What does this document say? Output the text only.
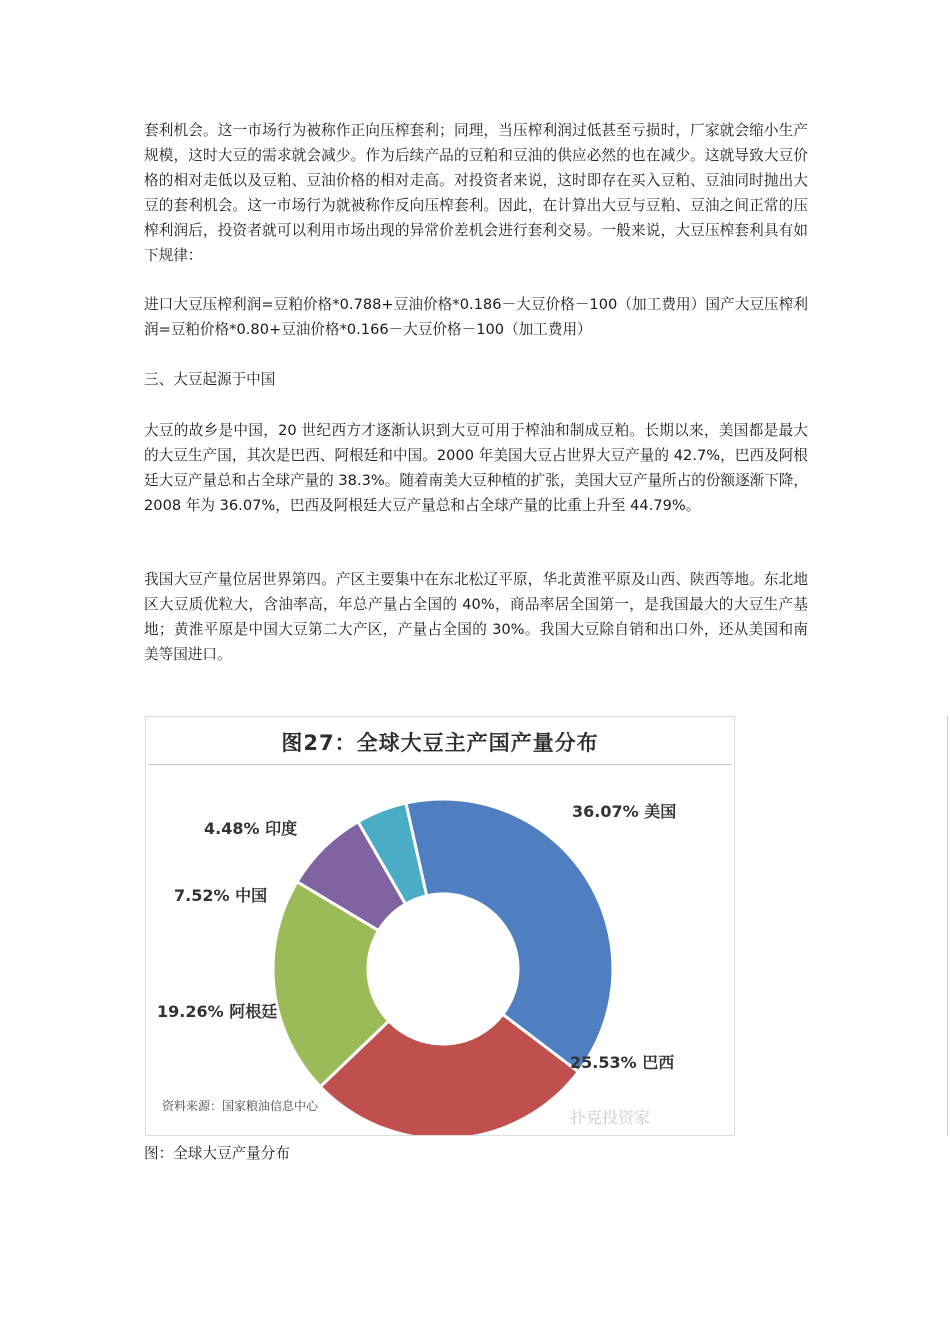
套利机会。这一市场行为被称作正向压榨套利；同理，当压榨利润过低甚至亏损时，厂家就会缩小生产规模，这时大豆的需求就会减少。作为后续产品的豆粕和豆油的供应必然的也在减少。这就导致大豆价格的相对走低以及豆粕、豆油价格的相对走高。对投资者来说，这时即存在买入豆粕、豆油同时抛出大豆的套利机会。这一市场行为就被称作反向压榨套利。因此，在计算出大豆与豆粕、豆油之间正常的压榨利润后，投资者就可以利用市场出现的异常价差机会进行套利交易。一般来说，大豆压榨套利具有如下规律：

进口大豆压榨利润=豆粕价格*0.788+豆油价格*0.186－大豆价格－100（加工费用）国产大豆压榨利润=豆粕价格*0.80+豆油价格*0.166－大豆价格－100（加工费用）

三、大豆起源于中国

大豆的故乡是中国，20 世纪西方才逐渐认识到大豆可用于榨油和制成豆粕。长期以来，美国都是最大的大豆生产国，其次是巴西、阿根廷和中国。2000 年美国大豆占世界大豆产量的 42.7%，巴西及阿根廷大豆产量总和占全球产量的 38.3%。随着南美大豆种植的扩张，美国大豆产量所占的份额逐渐下降，2008 年为 36.07%，巴西及阿根廷大豆产量总和占全球产量的比重上升至 44.79%。

我国大豆产量位居世界第四。产区主要集中在东北松辽平原，华北黄淮平原及山西、陕西等地。东北地区大豆质优粒大，含油率高，年总产量占全国的 40%，商品率居全国第一，是我国最大的大豆生产基地；黄淮平原是中国大豆第二大产区，产量占全国的 30%。我国大豆除自销和出口外，还从美国和南美等国进口。

图27：全球大豆主产国产量分布
36.07% 美国
25.53% 巴西
19.26% 阿根廷
7.52% 中国
4.48% 印度
资料来源：国家粮油信息中心
扑克投资家
图：全球大豆产量分布
